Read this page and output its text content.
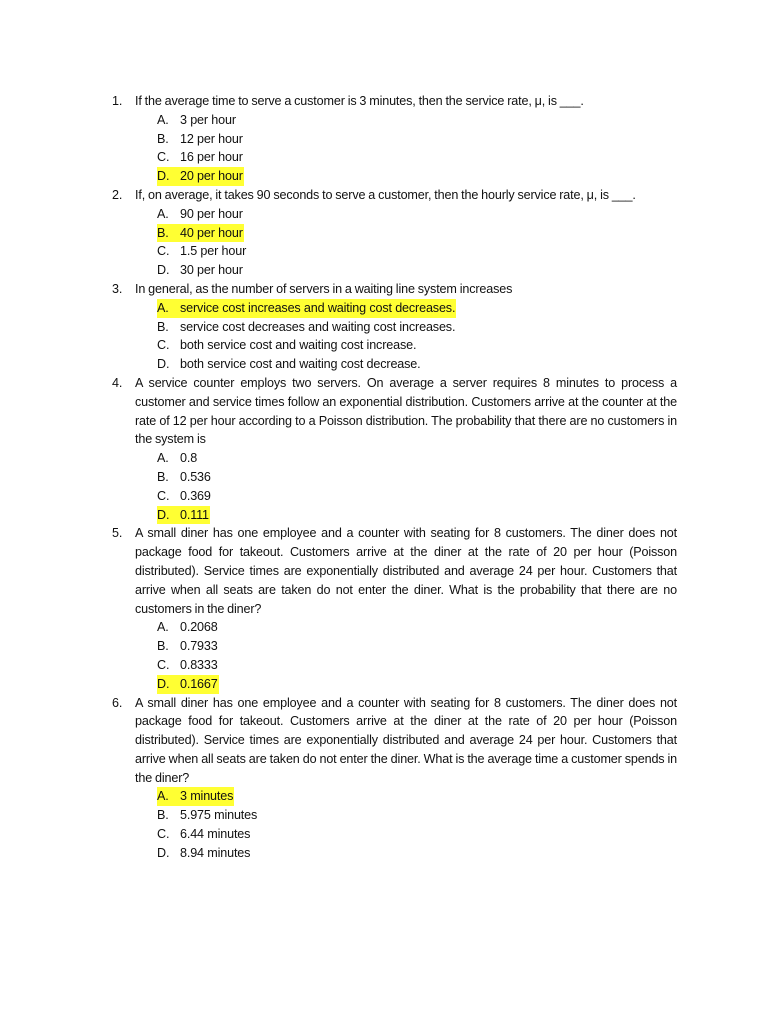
1.	If the average time to serve a customer is 3 minutes, then the service rate, μ, is ___.
A. 3 per hour
B. 12 per hour
C. 16 per hour
D. 20 per hour
2.	If, on average, it takes 90 seconds to serve a customer, then the hourly service rate, μ, is ___.
A. 90 per hour
B. 40 per hour
C. 1.5 per hour
D. 30 per hour
3.	In general, as the number of servers in a waiting line system increases
A. service cost increases and waiting cost decreases.
B. service cost decreases and waiting cost increases.
C. both service cost and waiting cost increase.
D. both service cost and waiting cost decrease.
4.	A service counter employs two servers. On average a server requires 8 minutes to process a customer and service times follow an exponential distribution. Customers arrive at the counter at the rate of 12 per hour according to a Poisson distribution. The probability that there are no customers in the system is
A. 0.8
B. 0.536
C. 0.369
D. 0.111
5.	A small diner has one employee and a counter with seating for 8 customers. The diner does not package food for takeout. Customers arrive at the diner at the rate of 20 per hour (Poisson distributed). Service times are exponentially distributed and average 24 per hour. Customers that arrive when all seats are taken do not enter the diner. What is the probability that there are no customers in the diner?
A. 0.2068
B. 0.7933
C. 0.8333
D. 0.1667
6.	A small diner has one employee and a counter with seating for 8 customers. The diner does not package food for takeout. Customers arrive at the diner at the rate of 20 per hour (Poisson distributed). Service times are exponentially distributed and average 24 per hour. Customers that arrive when all seats are taken do not enter the diner. What is the average time a customer spends in the diner?
A. 3 minutes
B. 5.975 minutes
C. 6.44 minutes
D. 8.94 minutes
